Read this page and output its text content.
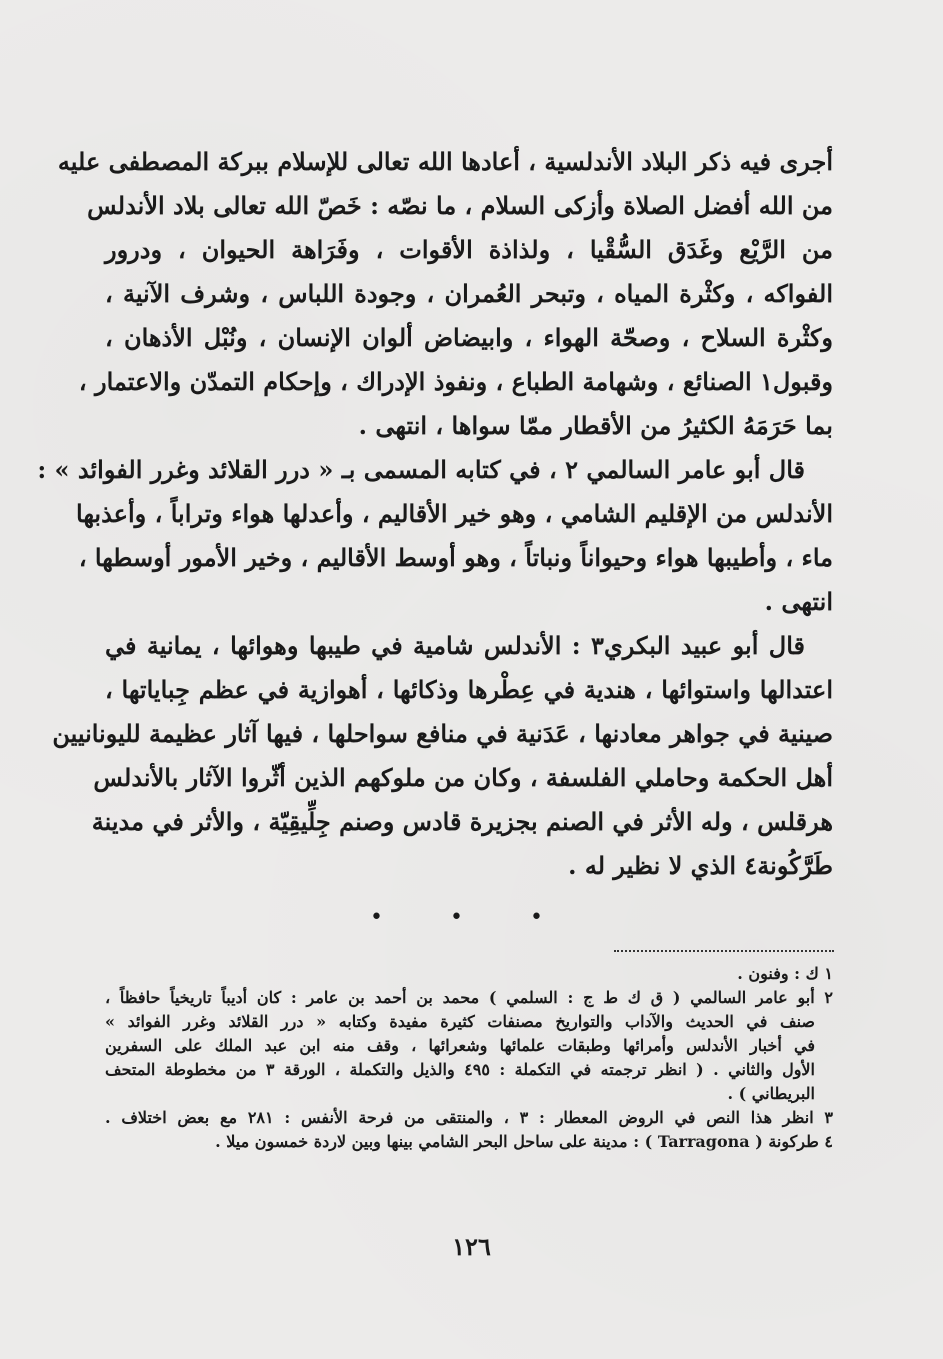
أجرى فيه ذكر البلاد الأندلسية ، أعادها الله تعالى للإسلام ببركة المصطفى عليه
من الله أفضل الصلاة وأزكى السلام ، ما نصّه : خَصّ الله تعالى بلاد الأندلس
من الرَّيْع وغَدَق السُّقْيا ، ولذاذة الأقوات ، وفَرَاهة الحيوان ، ودرور
الفواكه ، وكثْرة المياه ، وتبحر العُمران ، وجودة اللباس ، وشرف الآنية ،
وكثْرة السلاح ، وصحّة الهواء ، وابيضاض ألوان الإنسان ، ونُبْل الأذهان ،
وقبول١ الصنائع ، وشهامة الطباع ، ونفوذ الإدراك ، وإحكام التمدّن والاعتمار ،
بما حَرَمَهُ الكثيرُ من الأقطار ممّا سواها ، انتهى .
قال أبو عامر السالمي ٢ ، في كتابه المسمى بـ « درر القلائد وغرر الفوائد » :
الأندلس من الإقليم الشامي ، وهو خير الأقاليم ، وأعدلها هواء وتراباً ، وأعذبها
ماء ، وأطيبها هواء وحيواناً ونباتاً ، وهو أوسط الأقاليم ، وخير الأمور أوسطها ،
انتهى .
قال أبو عبيد البكري٣ : الأندلس شامية في طيبها وهوائها ، يمانية في
اعتدالها واستوائها ، هندية في عِطْرها وذكائها ، أهوازية في عظم جِباياتها ،
صينية في جواهر معادنها ، عَدَنية في منافع سواحلها ، فيها آثار عظيمة لليونانيين
أهل الحكمة وحاملي الفلسفة ، وكان من ملوكهم الذين أثّروا الآثار بالأندلس
هرقلس ، وله الأثر في الصنم بجزيرة قادس وصنم جِلِّيقِيّة ، والأثر في مدينة
طَرَّكُونة٤ الذي لا نظير له .
• • •
١ ك : وفنون .
٢ أبو عامر السالمي ( ق ك ط ج : السلمي ) محمد بن أحمد بن عامر : كان أديباً تاريخياً حافظاً ،
صنف في الحديث والآداب والتواريخ مصنفات كثيرة مفيدة وكتابه « درر القلائد وغرر الفوائد »
في أخبار الأندلس وأمرائها وطبقات علمائها وشعرائها ، وقف منه ابن عبد الملك على السفرين
الأول والثاني . ( انظر ترجمته في التكملة : ٤٩٥ والذيل والتكملة ، الورقة ٣ من مخطوطة المتحف
البريطاني ) .
٣ انظر هذا النص في الروض المعطار : ٣ ، والمنتقى من فرحة الأنفس : ٢٨١ مع بعض اختلاف .
٤ طركونة ( Tarragona ) : مدينة على ساحل البحر الشامي بينها وبين لاردة خمسون ميلا .
١٢٦
